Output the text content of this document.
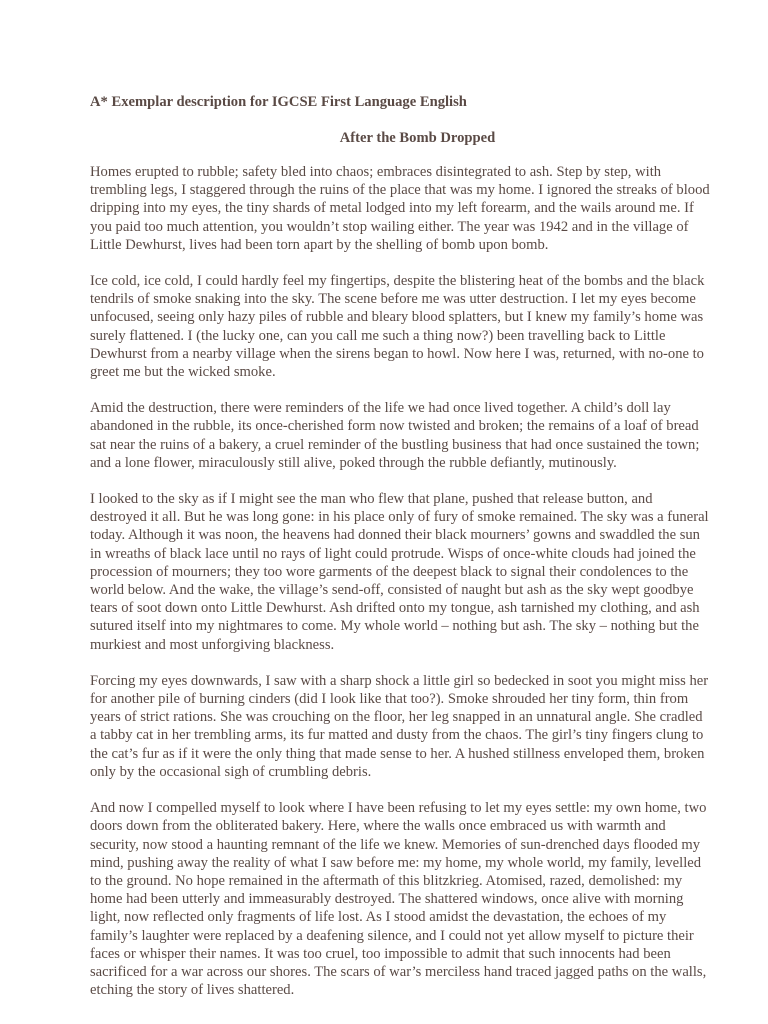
A* Exemplar description for IGCSE First Language English
After the Bomb Dropped

Homes erupted to rubble; safety bled into chaos; embraces disintegrated to ash. Step by step, with
trembling legs, I staggered through the ruins of the place that was my home. I ignored the streaks of blood
dripping into my eyes, the tiny shards of metal lodged into my left forearm, and the wails around me. If
you paid too much attention, you wouldn’t stop wailing either. The year was 1942 and in the village of
Little Dewhurst, lives had been torn apart by the shelling of bomb upon bomb.

Ice cold, ice cold, I could hardly feel my fingertips, despite the blistering heat of the bombs and the black
tendrils of smoke snaking into the sky. The scene before me was utter destruction. I let my eyes become
unfocused, seeing only hazy piles of rubble and bleary blood splatters, but I knew my family’s home was
surely flattened. I (the lucky one, can you call me such a thing now?) been travelling back to Little
Dewhurst from a nearby village when the sirens began to howl. Now here I was, returned, with no-one to
greet me but the wicked smoke.

Amid the destruction, there were reminders of the life we had once lived together. A child’s doll lay
abandoned in the rubble, its once-cherished form now twisted and broken; the remains of a loaf of bread
sat near the ruins of a bakery, a cruel reminder of the bustling business that had once sustained the town;
and a lone flower, miraculously still alive, poked through the rubble defiantly, mutinously.

I looked to the sky as if I might see the man who flew that plane, pushed that release button, and
destroyed it all. But he was long gone: in his place only of fury of smoke remained. The sky was a funeral
today. Although it was noon, the heavens had donned their black mourners’ gowns and swaddled the sun
in wreaths of black lace until no rays of light could protrude. Wisps of once-white clouds had joined the
procession of mourners; they too wore garments of the deepest black to signal their condolences to the
world below. And the wake, the village’s send-off, consisted of naught but ash as the sky wept goodbye
tears of soot down onto Little Dewhurst. Ash drifted onto my tongue, ash tarnished my clothing, and ash
sutured itself into my nightmares to come. My whole world – nothing but ash. The sky – nothing but the
murkiest and most unforgiving blackness.

Forcing my eyes downwards, I saw with a sharp shock a little girl so bedecked in soot you might miss her
for another pile of burning cinders (did I look like that too?). Smoke shrouded her tiny form, thin from
years of strict rations. She was crouching on the floor, her leg snapped in an unnatural angle. She cradled
a tabby cat in her trembling arms, its fur matted and dusty from the chaos. The girl’s tiny fingers clung to
the cat’s fur as if it were the only thing that made sense to her. A hushed stillness enveloped them, broken
only by the occasional sigh of crumbling debris.

And now I compelled myself to look where I have been refusing to let my eyes settle: my own home, two
doors down from the obliterated bakery. Here, where the walls once embraced us with warmth and
security, now stood a haunting remnant of the life we knew. Memories of sun-drenched days flooded my
mind, pushing away the reality of what I saw before me: my home, my whole world, my family, levelled
to the ground. No hope remained in the aftermath of this blitzkrieg. Atomised, razed, demolished: my
home had been utterly and immeasurably destroyed. The shattered windows, once alive with morning
light, now reflected only fragments of life lost. As I stood amidst the devastation, the echoes of my
family’s laughter were replaced by a deafening silence, and I could not yet allow myself to picture their
faces or whisper their names. It was too cruel, too impossible to admit that such innocents had been
sacrificed for a war across our shores. The scars of war’s merciless hand traced jagged paths on the walls,
etching the story of lives shattered.
